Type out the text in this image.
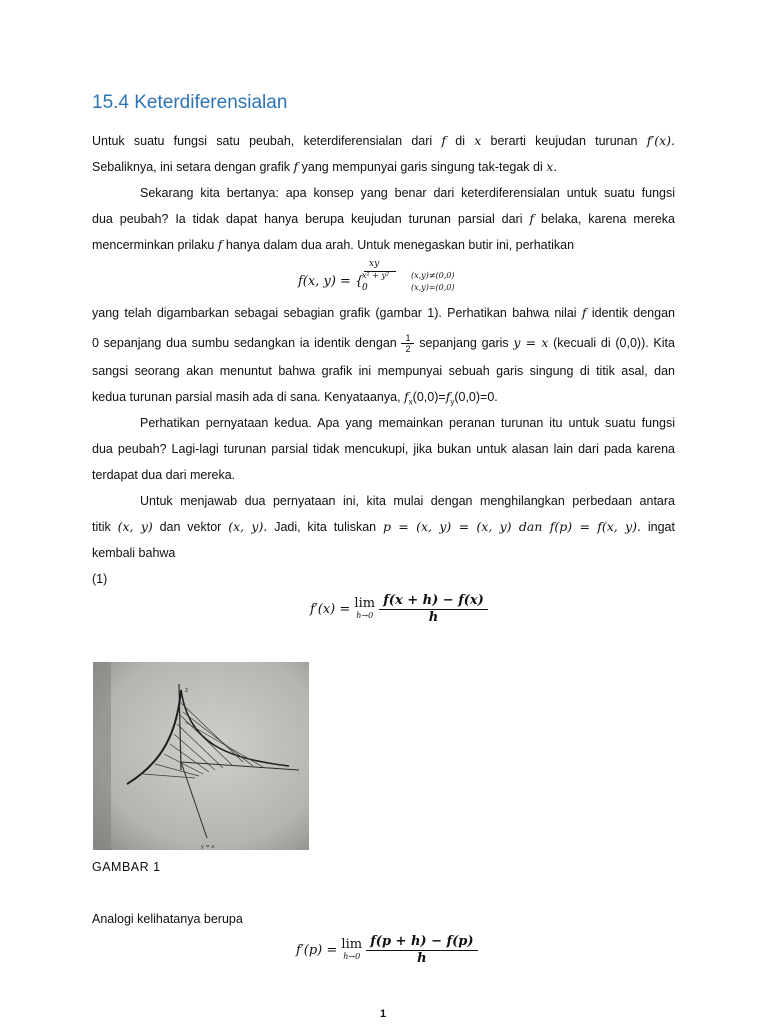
15.4 Keterdiferensialan
Untuk suatu fungsi satu peubah, keterdiferensialan dari f di x berarti keujudan turunan f′(x).
Sebaliknya, ini setara dengan grafik f yang mempunyai garis singung tak-tegak di x.
Sekarang kita bertanya: apa konsep yang benar dari keterdiferensialan untuk suatu fungsi
dua peubah? Ia tidak dapat hanya berupa keujudan turunan parsial dari f belaka, karena mereka
mencerminkan prilaku f hanya dalam dua arah. Untuk menegaskan butir ini, perhatikan
f(x, y) = {
xy
x² + y²
0
(x,y)≠(0,0)
(x,y)=(0,0)
yang telah digambarkan sebagai sebagian grafik (gambar 1). Perhatikan bahwa nilai f identik dengan
0 sepanjang dua sumbu sedangkan ia identik dengan $\frac{1}{2}$ sepanjang garis y = x (kecuali di (0,0)). Kita
sangsi seorang akan menuntut bahwa grafik ini mempunyai sebuah garis singung di titik asal, dan
kedua turunan parsial masih ada di sana. Kenyataanya, $f_x(0,0)=f_y(0,0)=0$.
Perhatikan pernyataan kedua. Apa yang memainkan peranan turunan itu untuk suatu fungsi
dua peubah? Lagi-lagi turunan parsial tidak mencukupi, jika bukan untuk alasan lain dari pada karena
terdapat dua dari mereka.
Untuk menjawab dua pernyataan ini, kita mulai dengan menghilangkan perbedaan antara
titik (x, y) dan vektor (x, y). Jadi, kita tuliskan p = (x, y) = (x, y) dan f(p) = f(x, y). ingat
kembali bahwa
(1)
f′(x) = lim
h→0
$\frac{f(x + h) - f(x)}{h}$
z
y = x
GAMBAR 1
Analogi kelihatanya berupa
f′(p) = lim
h→0
$\frac{f(p + h) - f(p)}{h}$
1
